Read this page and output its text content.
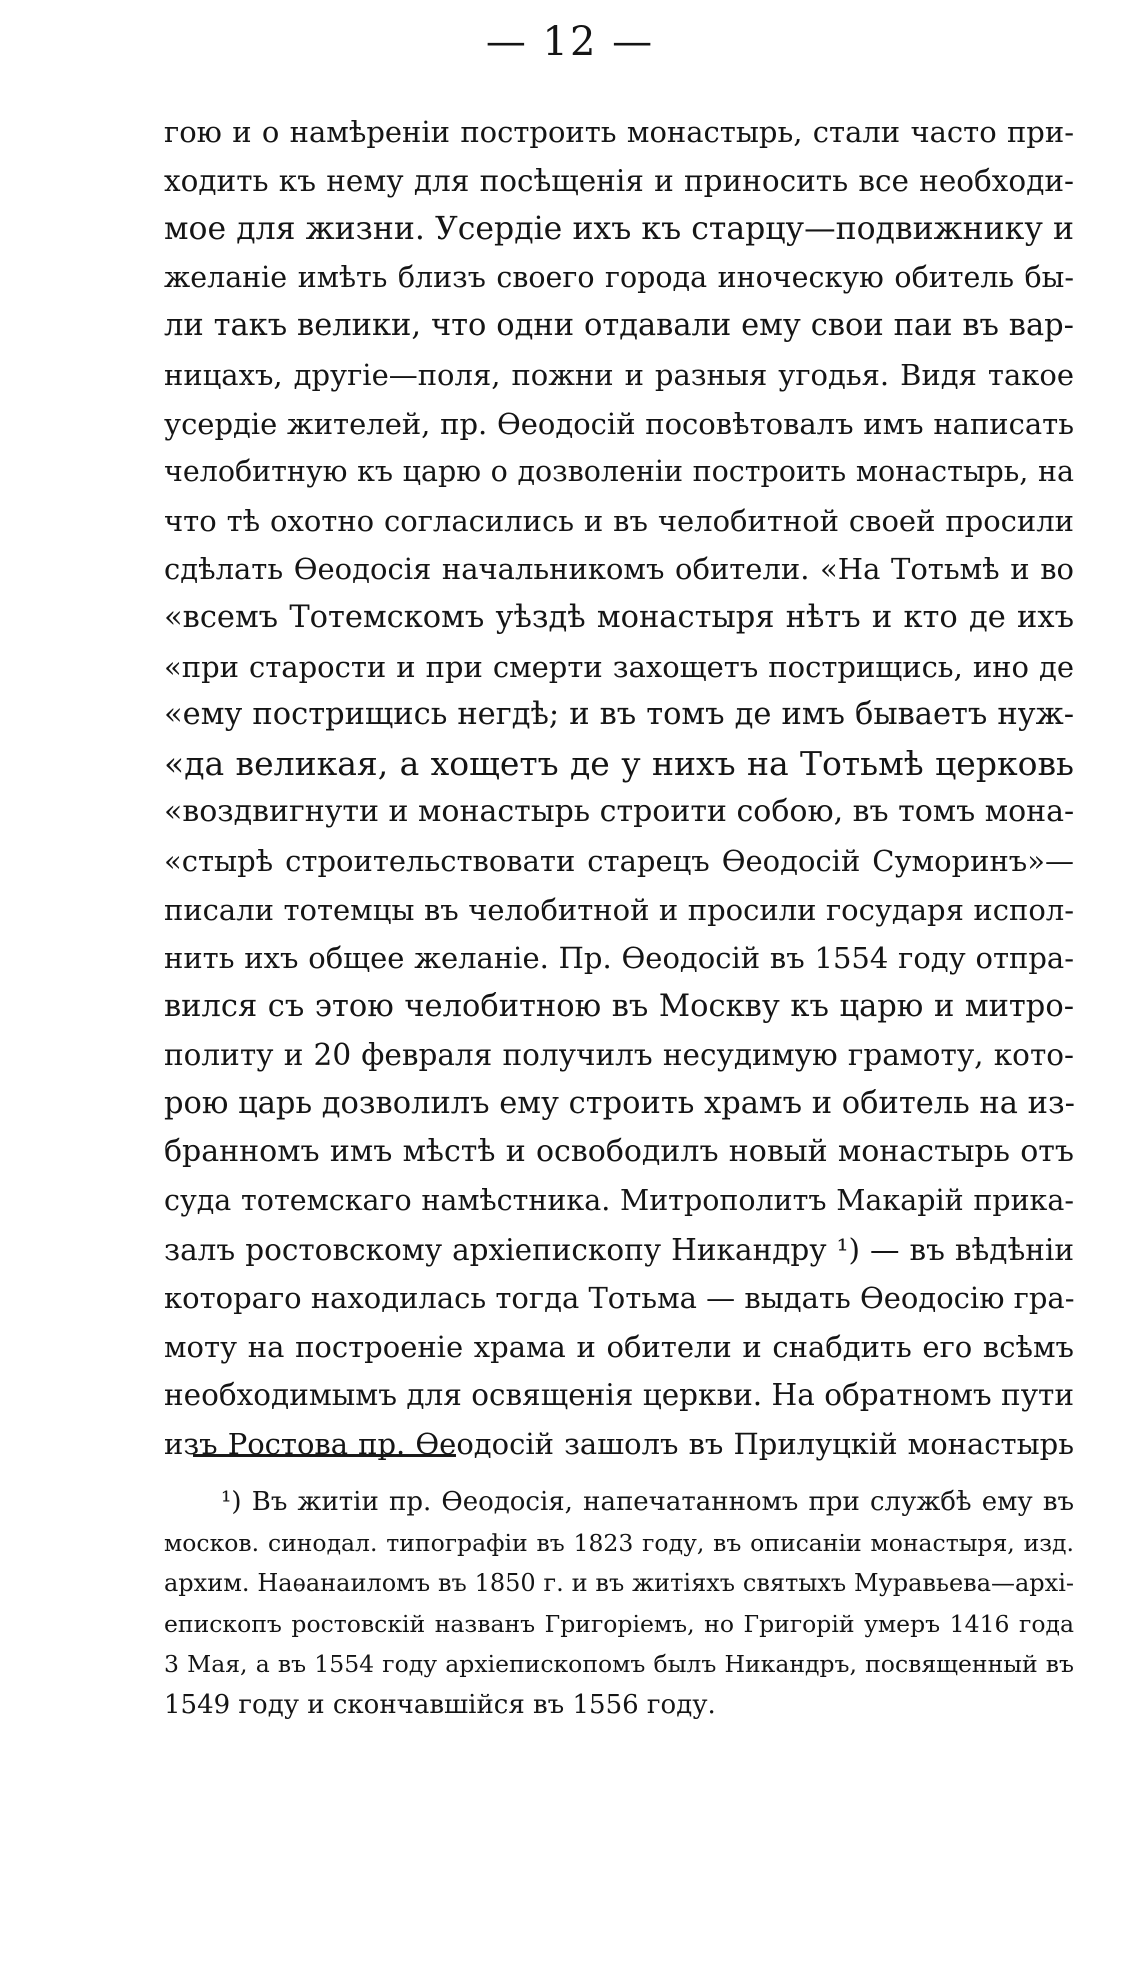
— 12 —
гою и о намѣреніи построить монастырь, стали часто при-
ходить къ нему для посѣщенія и приносить все необходи-
мое для жизни. Усердіе ихъ къ старцу—подвижнику и
желаніе имѣть близъ своего города иноческую обитель бы-
ли такъ велики, что одни отдавали ему свои паи въ вар-
ницахъ, другіе—поля, пожни и разныя угодья. Видя такое
усердіе жителей, пр. Ѳеодосій посовѣтовалъ имъ написать
челобитную къ царю о дозволеніи построить монастырь, на
что тѣ охотно согласились и въ челобитной своей просили
сдѣлать Ѳеодосія начальникомъ обители. «На Тотьмѣ и во
«всемъ Тотемскомъ уѣздѣ монастыря нѣтъ и кто де ихъ
«при старости и при смерти захощетъ пострищись, ино де
«ему пострищись негдѣ; и въ томъ де имъ бываетъ нуж-
«да великая, а хощетъ де у нихъ на Тотьмѣ церковь
«воздвигнути и монастырь строити собою, въ томъ мона-
«стырѣ строительствовати старецъ Ѳеодосій Суморинъ»—
писали тотемцы въ челобитной и просили государя испол-
нить ихъ общее желаніе. Пр. Ѳеодосій въ 1554 году отпра-
вился съ этою челобитною въ Москву къ царю и митро-
политу и 20 февраля получилъ несудимую грамоту, кото-
рою царь дозволилъ ему строить храмъ и обитель на из-
бранномъ имъ мѣстѣ и освободилъ новый монастырь отъ
суда тотемскаго намѣстника. Митрополитъ Макарій прика-
залъ ростовскому архіепископу Никандру ¹) — въ вѣдѣніи
котораго находилась тогда Тотьма — выдать Ѳеодосію гра-
моту на построеніе храма и обители и снабдить его всѣмъ
необходимымъ для освященія церкви. На обратномъ пути
изъ Ростова пр. Ѳеодосій зашолъ въ Прилуцкій монастырь
¹) Въ житіи пр. Ѳеодосія, напечатанномъ при службѣ ему въ
москов. синодал. типографіи въ 1823 году, въ описаніи монастыря, изд.
архим. Наѳанаиломъ въ 1850 г. и въ житіяхъ святыхъ Муравьева—архі-
епископъ ростовскій названъ Григоріемъ, но Григорій умеръ 1416 года
3 Мая, а въ 1554 году архіепископомъ былъ Никандръ, посвященный въ
1549 году и скончавшійся въ 1556 году.
